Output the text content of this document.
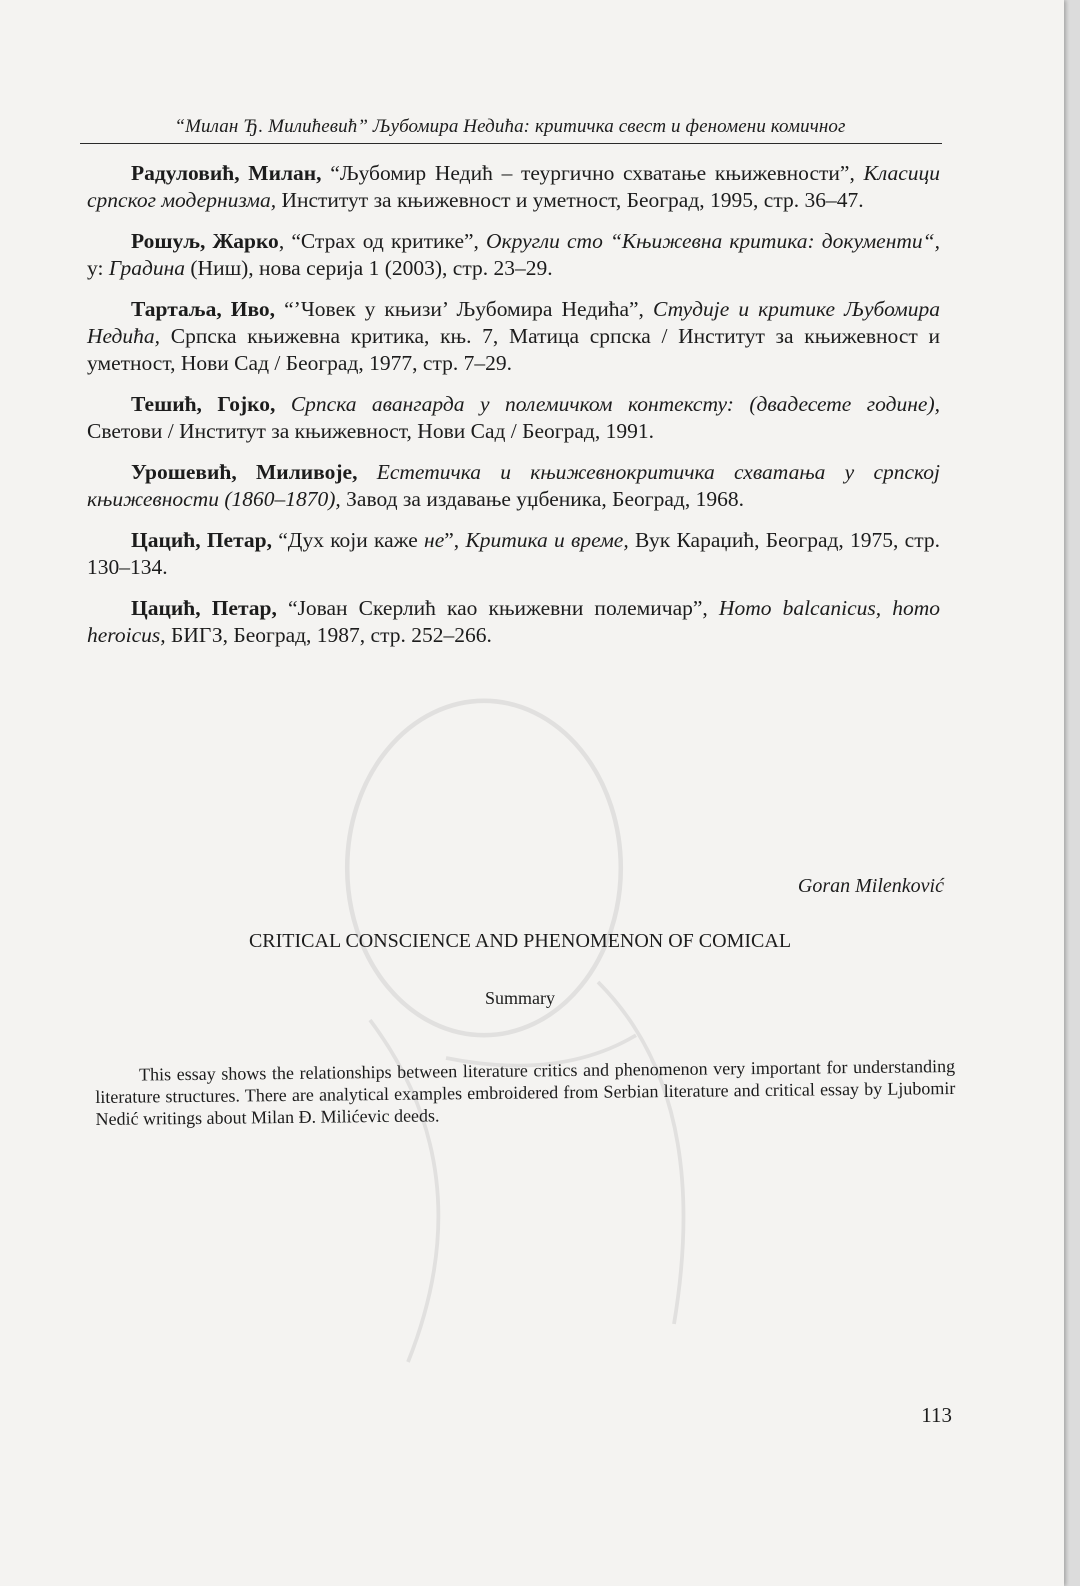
“Милан Ђ. Милићевић” Љубомира Недића: критичка свест и феномени комичног

Радуловић, Милан, “Љубомир Недић – теургично схватање књижевности”, Класици српског модернизма, Институт за књижевност и уметност, Београд, 1995, стр. 36–47.

Рошуљ, Жарко, “Страх од критике”, Округли сто “Књижевна критика: документи“, у: Градина (Ниш), нова серија 1 (2003), стр. 23–29.

Тартаља, Иво, “’Човек у књизи’ Љубомира Недића”, Студије и критике Љубомира Недића, Српска књижевна критика, књ. 7, Матица српска / Институт за књижевност и уметност, Нови Сад / Београд, 1977, стр. 7–29.

Тешић, Гојко, Српска авангарда у полемичком контексту: (двадесете године), Светови / Институт за књижевност, Нови Сад / Београд, 1991.

Урошевић, Миливоје, Естетичка и књижевнокритичка схватања у српској књижевности (1860–1870), Завод за издавање уџбеника, Београд, 1968.

Цацић, Петар, “Дух који каже не”, Критика и време, Вук Караџић, Београд, 1975, стр. 130–134.

Цацић, Петар, “Јован Скерлић као књижевни полемичар”, Homo balcanicus, homo heroicus, БИГЗ, Београд, 1987, стр. 252–266.

Goran Milenković
CRITICAL CONSCIENCE AND PHENOMENON OF COMICAL
Summary

This essay shows the relationships between literature critics and phenomenon very important for understanding literature structures. There are analytical examples embroidered from Serbian literature and critical essay by Ljubomir Nedić writings about Milan Đ. Milićevic deeds.

113
